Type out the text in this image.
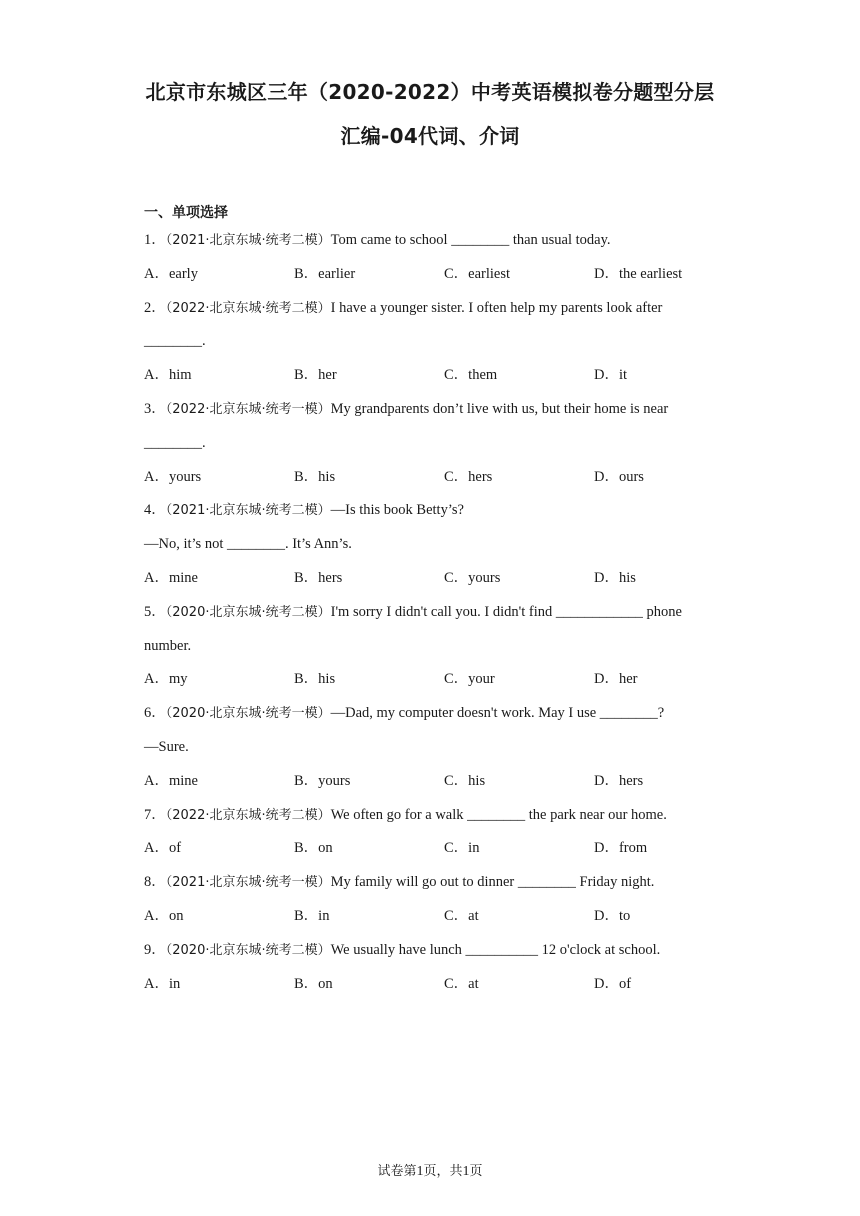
北京市东城区三年（2020-2022）中考英语模拟卷分题型分层
汇编-04代词、介词
一、单项选择
1．（2021·北京东城·统考二模）Tom came to school ________ than usual today.
A．early	B．earlier	C．earliest	D．the earliest
2．（2022·北京东城·统考二模）I have a younger sister. I often help my parents look after
________.
A．him	B．her	C．them	D．it
3．（2022·北京东城·统考一模）My grandparents don’t live with us, but their home is near
________.
A．yours	B．his	C．hers	D．ours
4．（2021·北京东城·统考二模）—Is this book Betty’s?
—No, it’s not ________. It’s Ann’s.
A．mine	B．hers	C．yours	D．his
5．（2020·北京东城·统考二模）I'm sorry I didn't call you. I didn't find ____________ phone
number.
A．my	B．his	C．your	D．her
6．（2020·北京东城·统考一模）—Dad, my computer doesn't work. May I use ________?
—Sure.
A．mine	B．yours	C．his	D．hers
7．（2022·北京东城·统考二模）We often go for a walk ________ the park near our home.
A．of	B．on	C．in	D．from
8．（2021·北京东城·统考一模）My family will go out to dinner ________ Friday night.
A．on	B．in	C．at	D．to
9．（2020·北京东城·统考二模）We usually have lunch __________ 12 o'clock at school.
A．in	B．on	C．at	D．of
试卷第1页，共1页
